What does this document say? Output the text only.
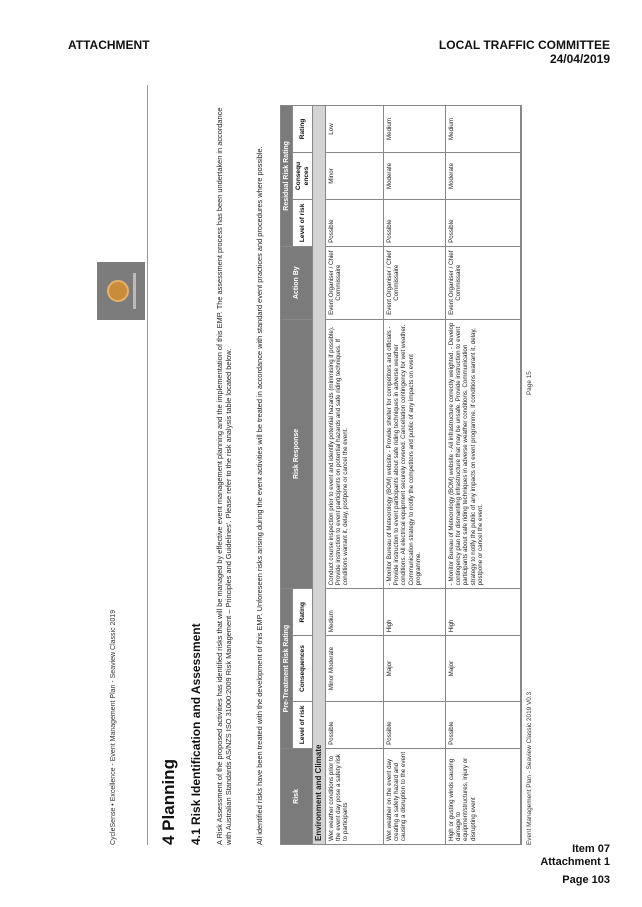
ATTACHMENT	LOCAL TRAFFIC COMMITTEE
24/04/2019
CycleSense • Excellence - Event Management Plan - Seaview Classic 2019 4 Planning 4.1 Risk Identification and Assessment A Risk Assessment of the proposed activities has identified risks that will be managed by effective event management planning and the implementation of this EMP. The assessment process has been undertaken in accordance with Australian Standards AS/NZS ISO 31000:2009 Risk Management – Principles and Guidelines’. Please refer to the risk analysis table located below.	All identified risks have been treated with the development of this EMP. Unforeseen risks arising during the event activities will be treated in accordance with standard event practices and procedures where possible.	Risk	Pre-Treatment Risk Rating			Risk Response	Action By	Residual Risk Rating		
	Level of risk	Consequences	Rating			Level of risk	Consequ ences	Rating
Environment and Climate								
Wet weather conditions prior to the event day pose a safety risk to participants	Possible	Minor Moderate	Medium	Conduct course inspection prior to event and identify potential hazards (minimising if possible). Provide instruction to event participants on potential hazards and safe riding techniques. If conditions warrant it, delay, postpone or cancel the event.	Event Organiser / Chief Commissaire	Possible	Minor	Low
Wet weather on the event day creating a safety hazard and causing a disruption to the event	Possible	Major	High	- Monitor Bureau of Meteorology (BOM) website - Provide shelter for competitors and officials - Provide instruction to event participants about safe riding techniques in adverse weather conditions. All electrical equipment securely covered. Cancellation contingency for wet weather. Communication strategy to notify the competitors and public of any impacts on event programme.	Event Organiser / Chief Commissaire	Possible	Moderate	Medium
High or gusting winds causing damage to equipment/structures, injury or disrupting event	Possible	Major	High	- Monitor Bureau of Meteorology (BOM) website - All infrastructure correctly weighted. - Develop contingency plan for dismantling infrastructure that may be unsafe. Provide instruction to event participants about safe riding techniques in adverse weather conditions. Communication strategy to notify the public of any impacts on event programme. If conditions warrant it, delay, postpone or cancel the event.	Event Organiser / Chief Commissaire	Possible	Moderate	Medium
Event Management Plan - Seaview Classic 2019 V0.3
Page 15
Item 07
Attachment 1
Page 103
